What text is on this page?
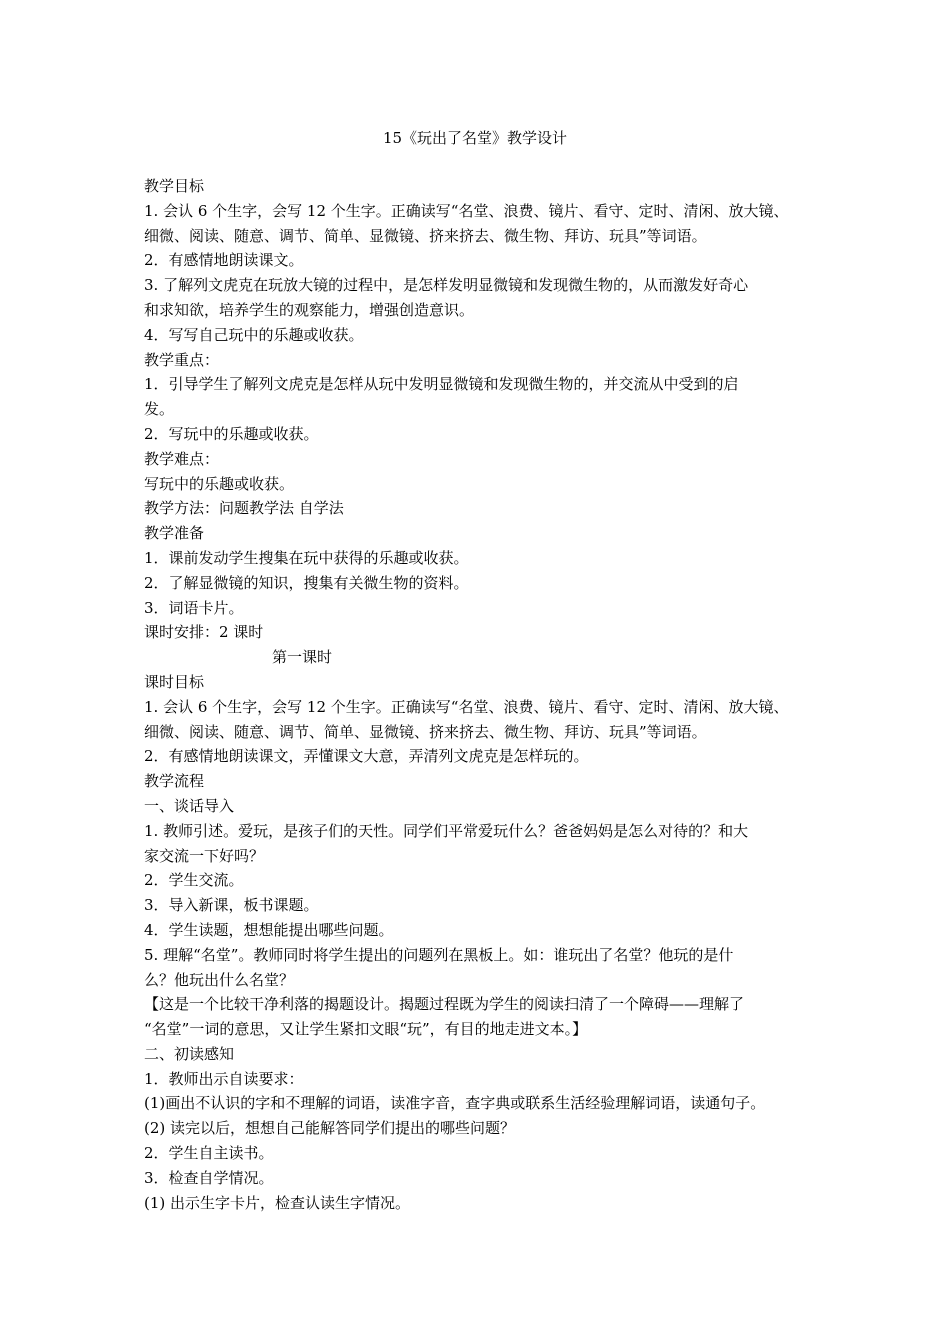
15《玩出了名堂》教学设计
教学目标
1. 会认 6 个生字，会写 12 个生字。正确读写“名堂、浪费、镜片、看守、定时、清闲、放大镜、
细微、阅读、随意、调节、简单、显微镜、挤来挤去、微生物、拜访、玩具”等词语。
2．有感情地朗读课文。
3. 了解列文虎克在玩放大镜的过程中，是怎样发明显微镜和发现微生物的，从而激发好奇心
和求知欲，培养学生的观察能力，增强创造意识。
4．写写自己玩中的乐趣或收获。
教学重点：
1．引导学生了解列文虎克是怎样从玩中发明显微镜和发现微生物的，并交流从中受到的启
发。
2．写玩中的乐趣或收获。
教学难点：
写玩中的乐趣或收获。
教学方法：问题教学法 自学法
教学准备
1．课前发动学生搜集在玩中获得的乐趣或收获。
2．了解显微镜的知识，搜集有关微生物的资料。
3．词语卡片。
课时安排：2 课时
第一课时
课时目标
1. 会认 6 个生字，会写 12 个生字。正确读写“名堂、浪费、镜片、看守、定时、清闲、放大镜、
细微、阅读、随意、调节、简单、显微镜、挤来挤去、微生物、拜访、玩具”等词语。
2．有感情地朗读课文，弄懂课文大意，弄清列文虎克是怎样玩的。
教学流程
一、谈话导入
1. 教师引述。爱玩，是孩子们的天性。同学们平常爱玩什么？爸爸妈妈是怎么对待的？和大
家交流一下好吗？
2．学生交流。
3．导入新课，板书课题。
4．学生读题，想想能提出哪些问题。
5. 理解“名堂”。教师同时将学生提出的问题列在黑板上。如：谁玩出了名堂？他玩的是什
么？他玩出什么名堂？
【这是一个比较干净利落的揭题设计。揭题过程既为学生的阅读扫清了一个障碍——理解了
“名堂”一词的意思，又让学生紧扣文眼“玩”，有目的地走进文本。】
二、初读感知
1．教师出示自读要求：
(1)画出不认识的字和不理解的词语，读准字音，查字典或联系生活经验理解词语，读通句子。
(2) 读完以后，想想自己能解答同学们提出的哪些问题？
2．学生自主读书。
3．检查自学情况。
(1) 出示生字卡片，检查认读生字情况。
